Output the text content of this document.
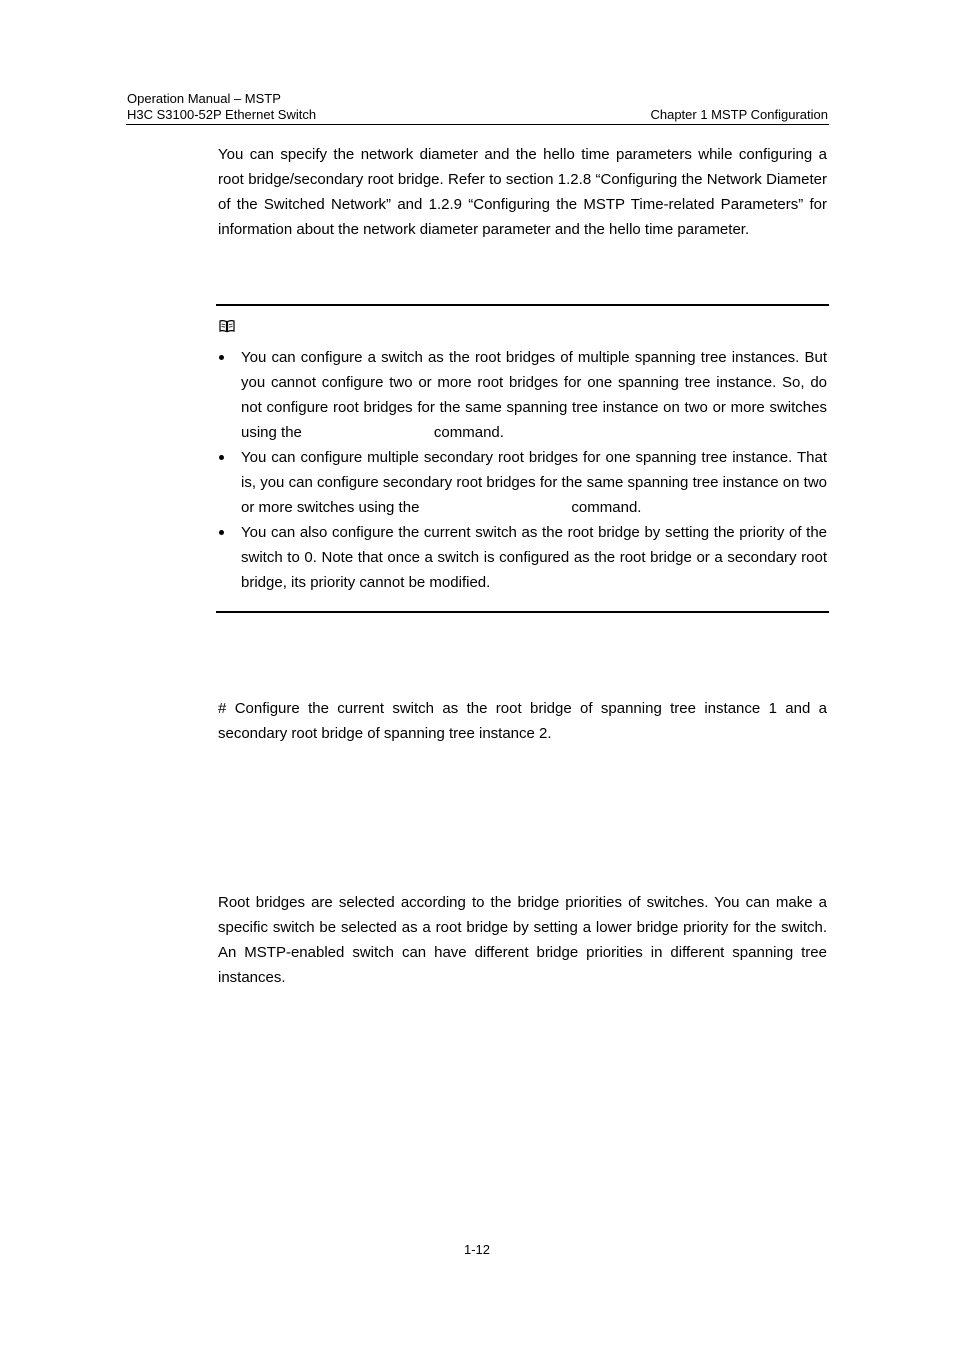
Operation Manual – MSTP
H3C S3100-52P Ethernet Switch	Chapter 1 MSTP Configuration

You can specify the network diameter and the hello time parameters while configuring a root bridge/secondary root bridge. Refer to section 1.2.8 “Configuring the Network Diameter of the Switched Network” and 1.2.9 “Configuring the MSTP Time-related Parameters” for information about the network diameter parameter and the hello time parameter.

You can configure a switch as the root bridges of multiple spanning tree instances. But you cannot configure two or more root bridges for one spanning tree instance. So, do not configure root bridges for the same spanning tree instance on two or more switches using the	command.
You can configure multiple secondary root bridges for one spanning tree instance. That is, you can configure secondary root bridges for the same spanning tree instance on two or more switches using the	command.
You can also configure the current switch as the root bridge by setting the priority of the switch to 0. Note that once a switch is configured as the root bridge or a secondary root bridge, its priority cannot be modified.

# Configure the current switch as the root bridge of spanning tree instance 1 and a secondary root bridge of spanning tree instance 2.

Root bridges are selected according to the bridge priorities of switches. You can make a specific switch be selected as a root bridge by setting a lower bridge priority for the switch. An MSTP-enabled switch can have different bridge priorities in different spanning tree instances.

1-12
